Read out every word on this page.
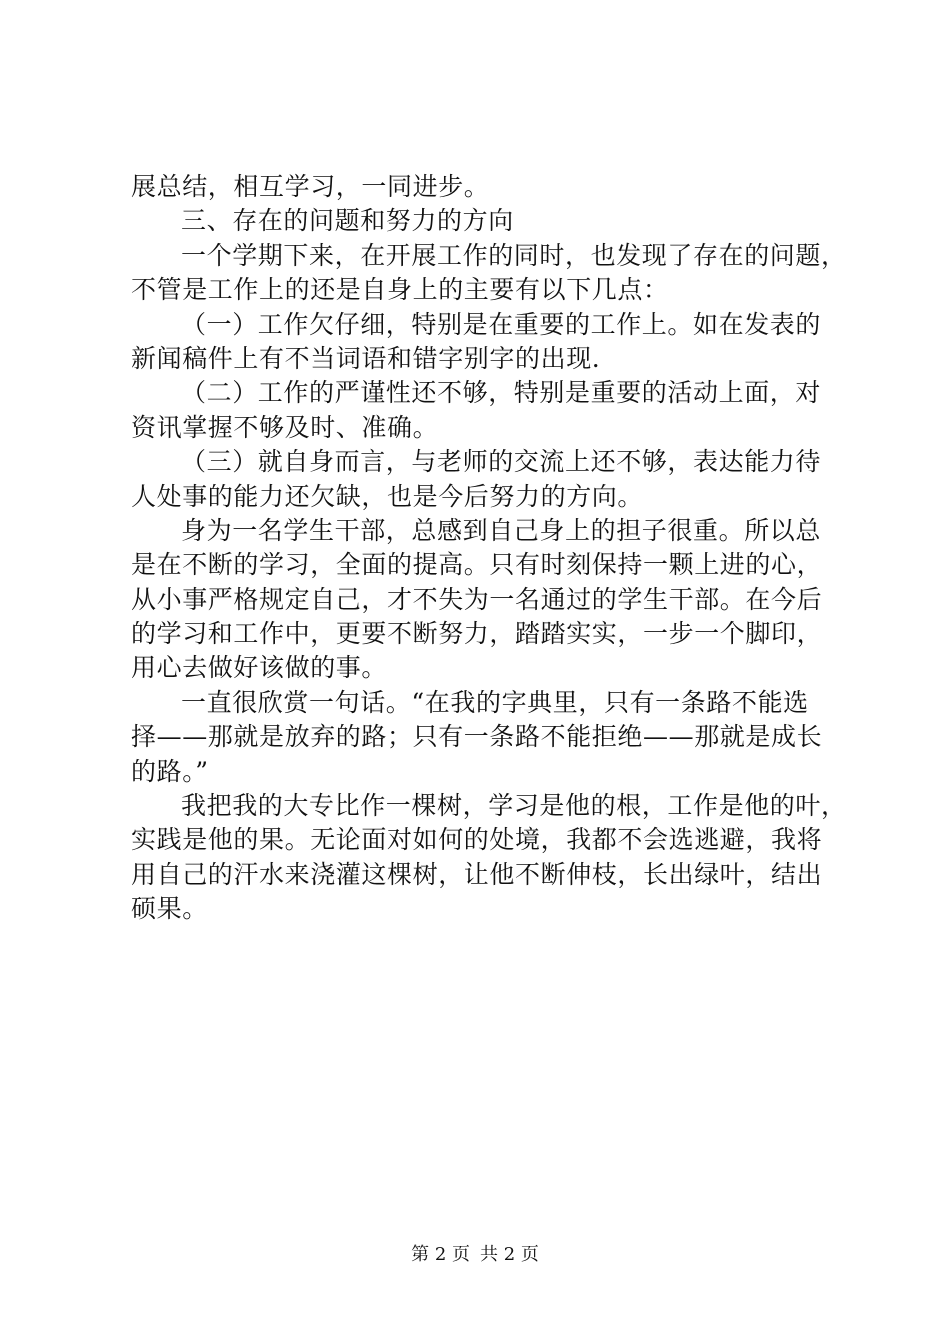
展总结，相互学习，一同进步。
三、存在的问题和努力的方向
一个学期下来，在开展工作的同时，也发现了存在的问题，
不管是工作上的还是自身上的主要有以下几点：
（一）工作欠仔细，特别是在重要的工作上。如在发表的
新闻稿件上有不当词语和错字别字的出现.
（二）工作的严谨性还不够，特别是重要的活动上面，对
资讯掌握不够及时、准确。
（三）就自身而言，与老师的交流上还不够，表达能力待
人处事的能力还欠缺，也是今后努力的方向。
身为一名学生干部，总感到自己身上的担子很重。所以总
是在不断的学习，全面的提高。只有时刻保持一颗上进的心，
从小事严格规定自己，才不失为一名通过的学生干部。在今后
的学习和工作中，更要不断努力，踏踏实实，一步一个脚印，
用心去做好该做的事。
一直很欣赏一句话。“在我的字典里，只有一条路不能选
择——那就是放弃的路；只有一条路不能拒绝——那就是成长
的路。”
我把我的大专比作一棵树，学习是他的根，工作是他的叶，
实践是他的果。无论面对如何的处境，我都不会选逃避，我将
用自己的汗水来浇灌这棵树，让他不断伸枝，长出绿叶，结出
硕果。
第 2 页 共 2 页
